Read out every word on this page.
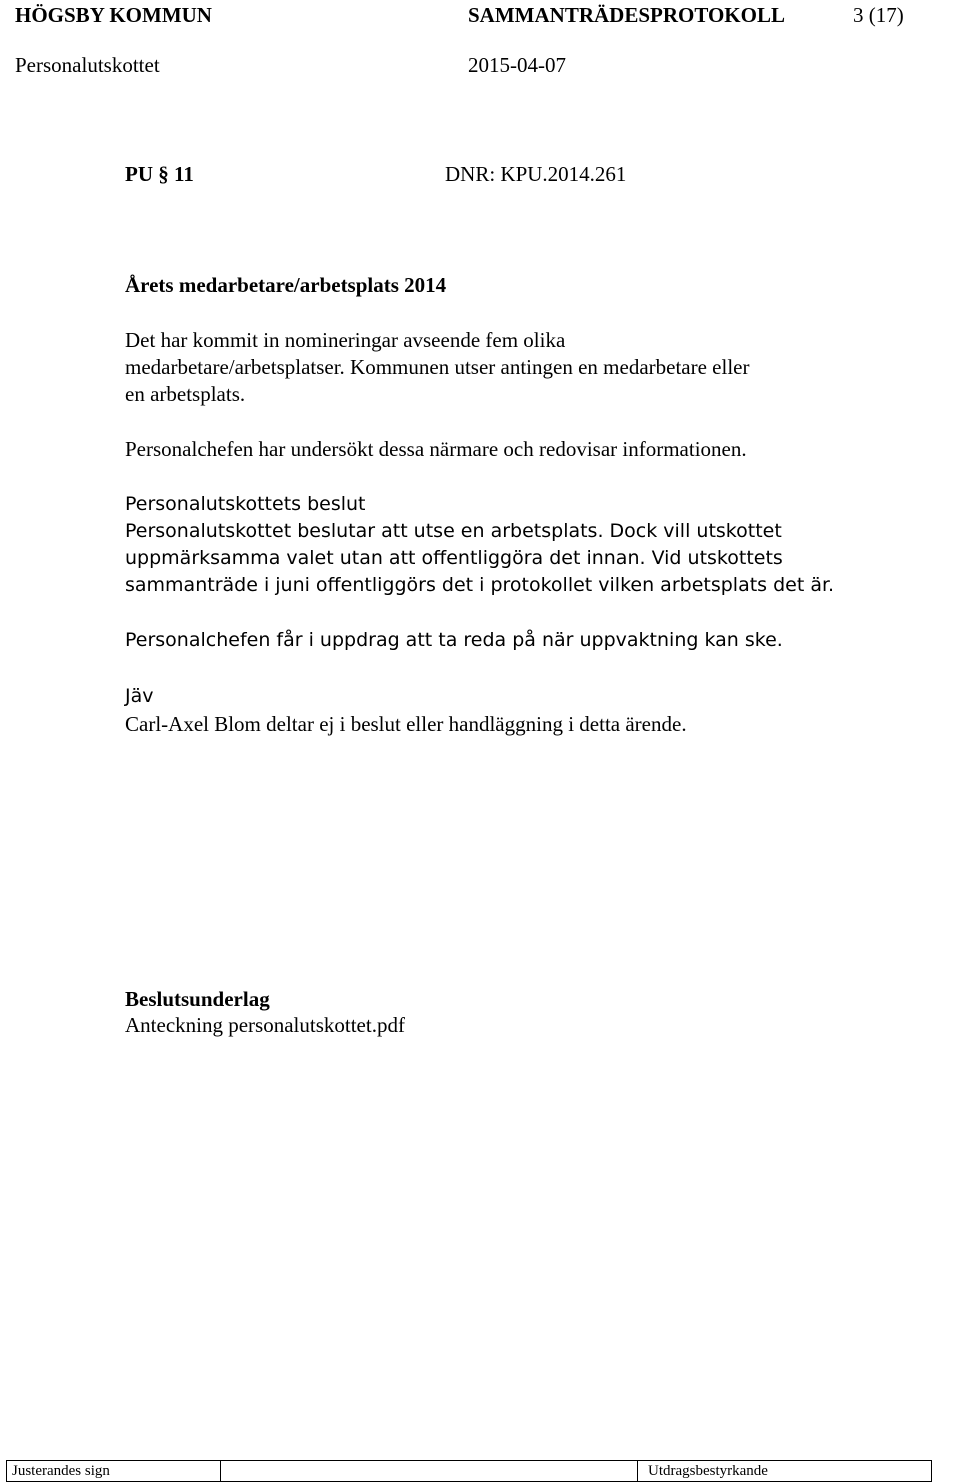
HÖGSBY KOMMUN	SAMMANTRÄDESPROTOKOLL	3 (17)
Personalutskottet	2015-04-07
PU § 11	DNR: KPU.2014.261
Årets medarbetare/arbetsplats 2014
Det har kommit in nomineringar avseende fem olika
medarbetare/arbetsplatser. Kommunen utser antingen en medarbetare eller
en arbetsplats.
Personalchefen har undersökt dessa närmare och redovisar informationen.
Personalutskottets beslut
Personalutskottet beslutar att utse en arbetsplats. Dock vill utskottet
uppmärksamma valet utan att offentliggöra det innan. Vid utskottets
sammanträde i juni offentliggörs det i protokollet vilken arbetsplats det är.
Personalchefen får i uppdrag att ta reda på när uppvaktning kan ske.
Jäv
Carl-Axel Blom deltar ej i beslut eller handläggning i detta ärende.
Beslutsunderlag
Anteckning personalutskottet.pdf
Justerandes sign	Utdragsbestyrkande
